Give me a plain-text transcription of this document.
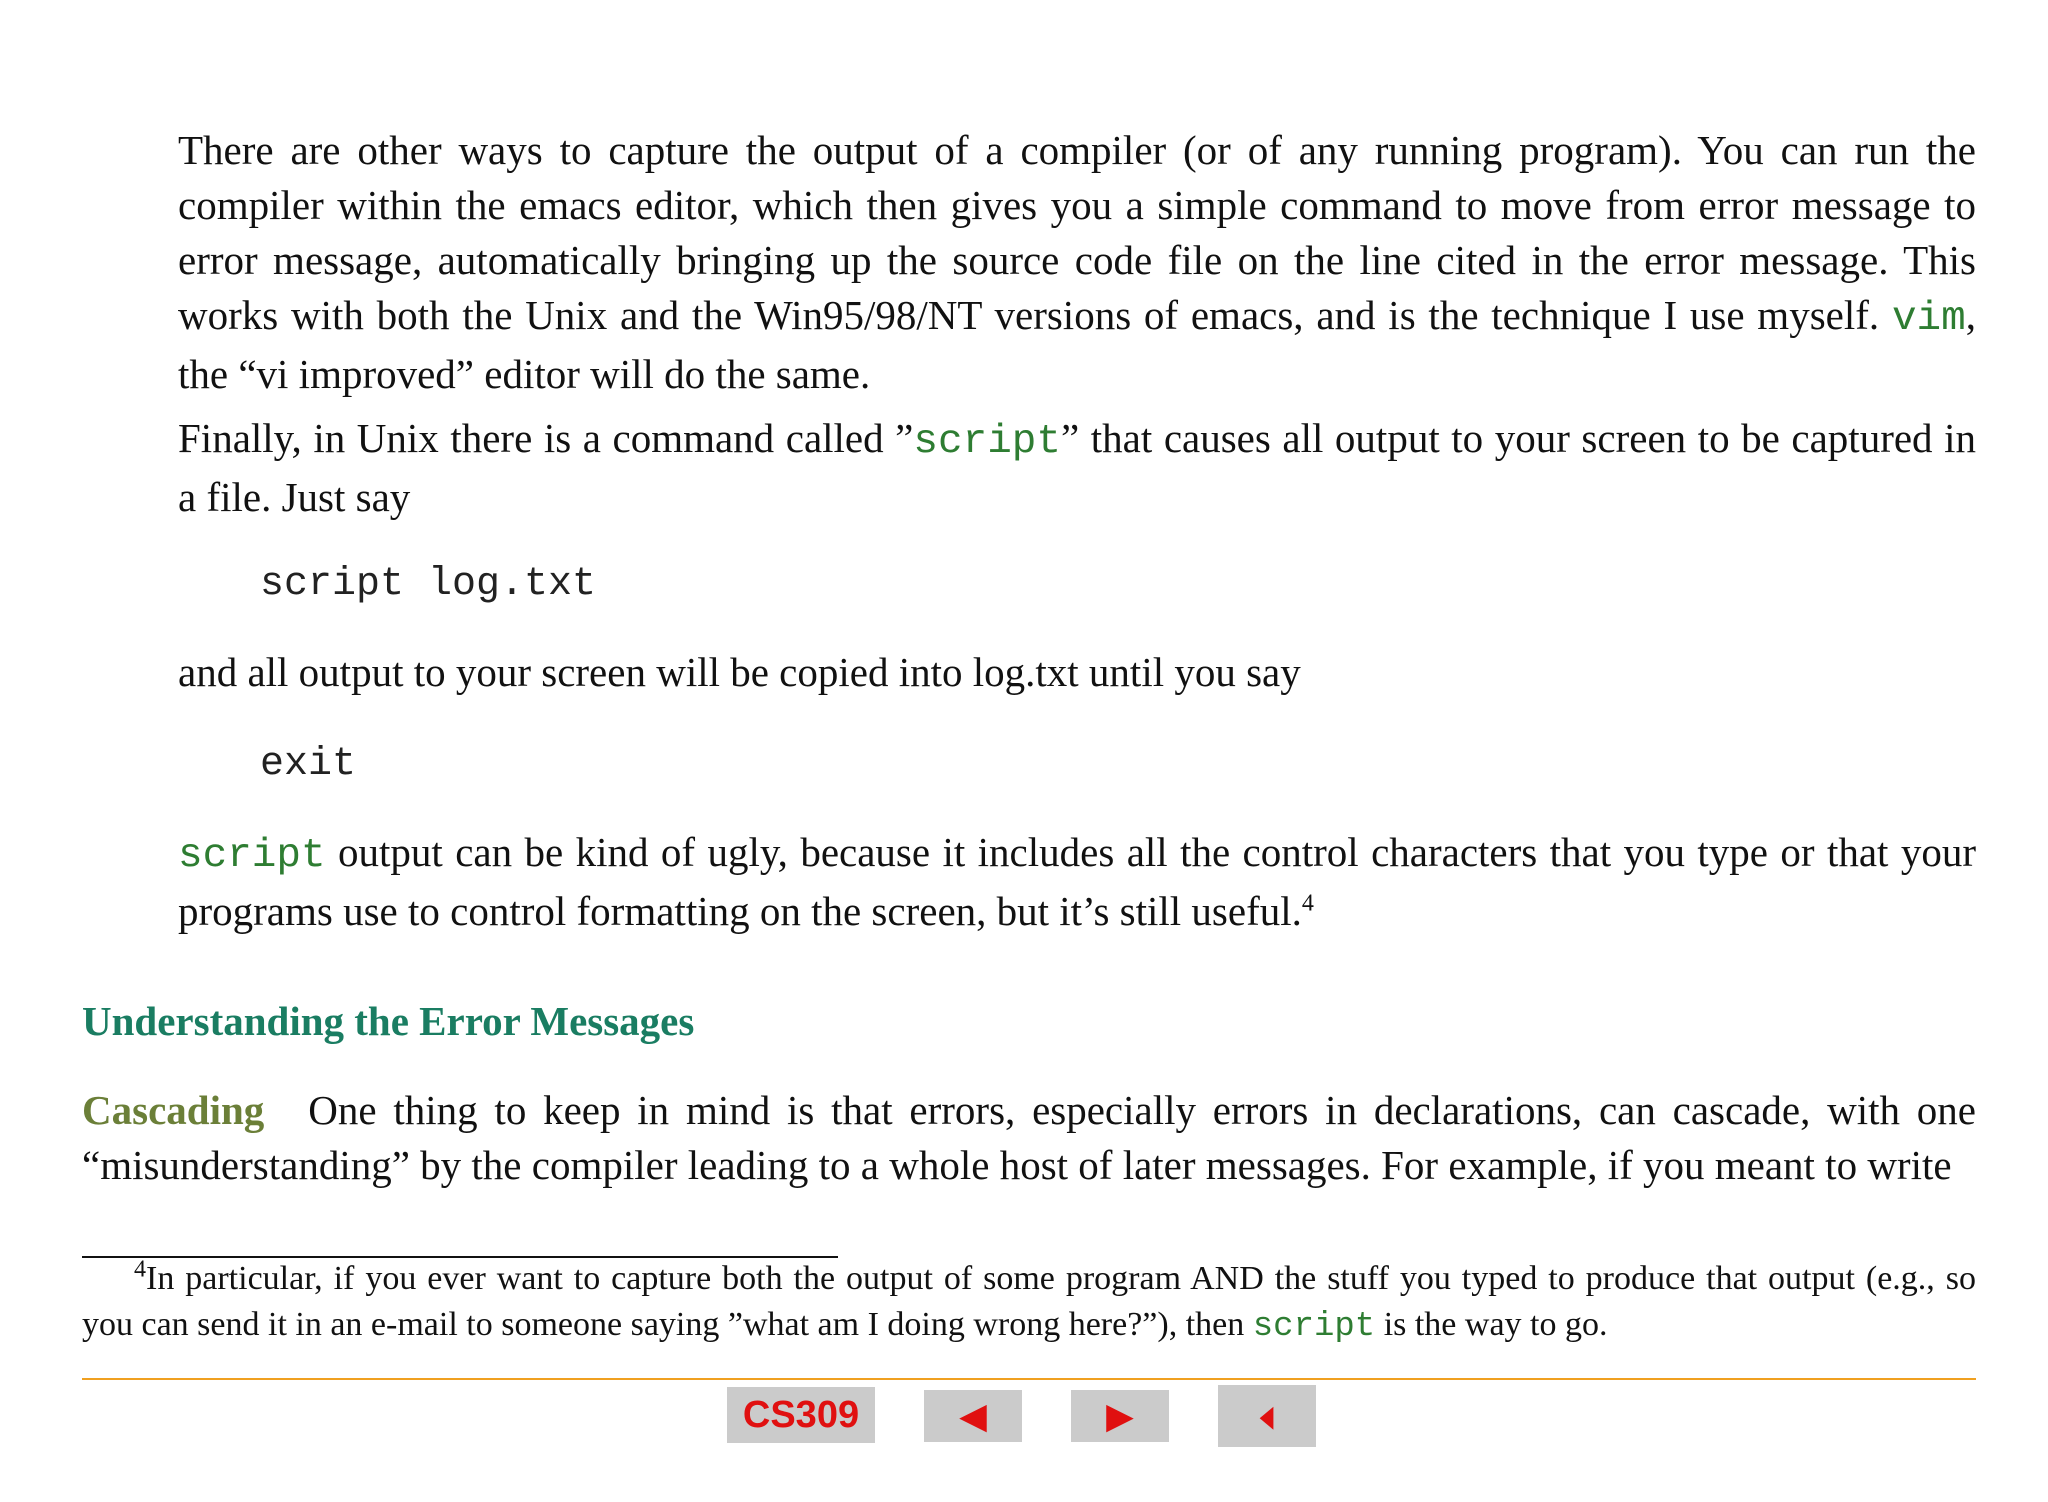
There are other ways to capture the output of a compiler (or of any running program). You can run the compiler within the emacs editor, which then gives you a simple command to move from error message to error message, automatically bringing up the source code file on the line cited in the error message. This works with both the Unix and the Win95/98/NT versions of emacs, and is the technique I use myself. vim, the “vi improved” editor will do the same.

Finally, in Unix there is a command called ”script” that causes all output to your screen to be captured in a file. Just say

script log.txt

and all output to your screen will be copied into log.txt until you say

exit

script output can be kind of ugly, because it includes all the control characters that you type or that your programs use to control formatting on the screen, but it’s still useful.$^4$

Understanding the Error Messages

Cascading One thing to keep in mind is that errors, especially errors in declarations, can cascade, with one “misunderstanding” by the compiler leading to a whole host of later messages. For example, if you meant to write

$^4$In particular, if you ever want to capture both the output of some program AND the stuff you typed to produce that output (e.g., so you can send it in an e-mail to someone saying ”what am I doing wrong here?”), then script is the way to go.

CS309	◀	▶	◀
